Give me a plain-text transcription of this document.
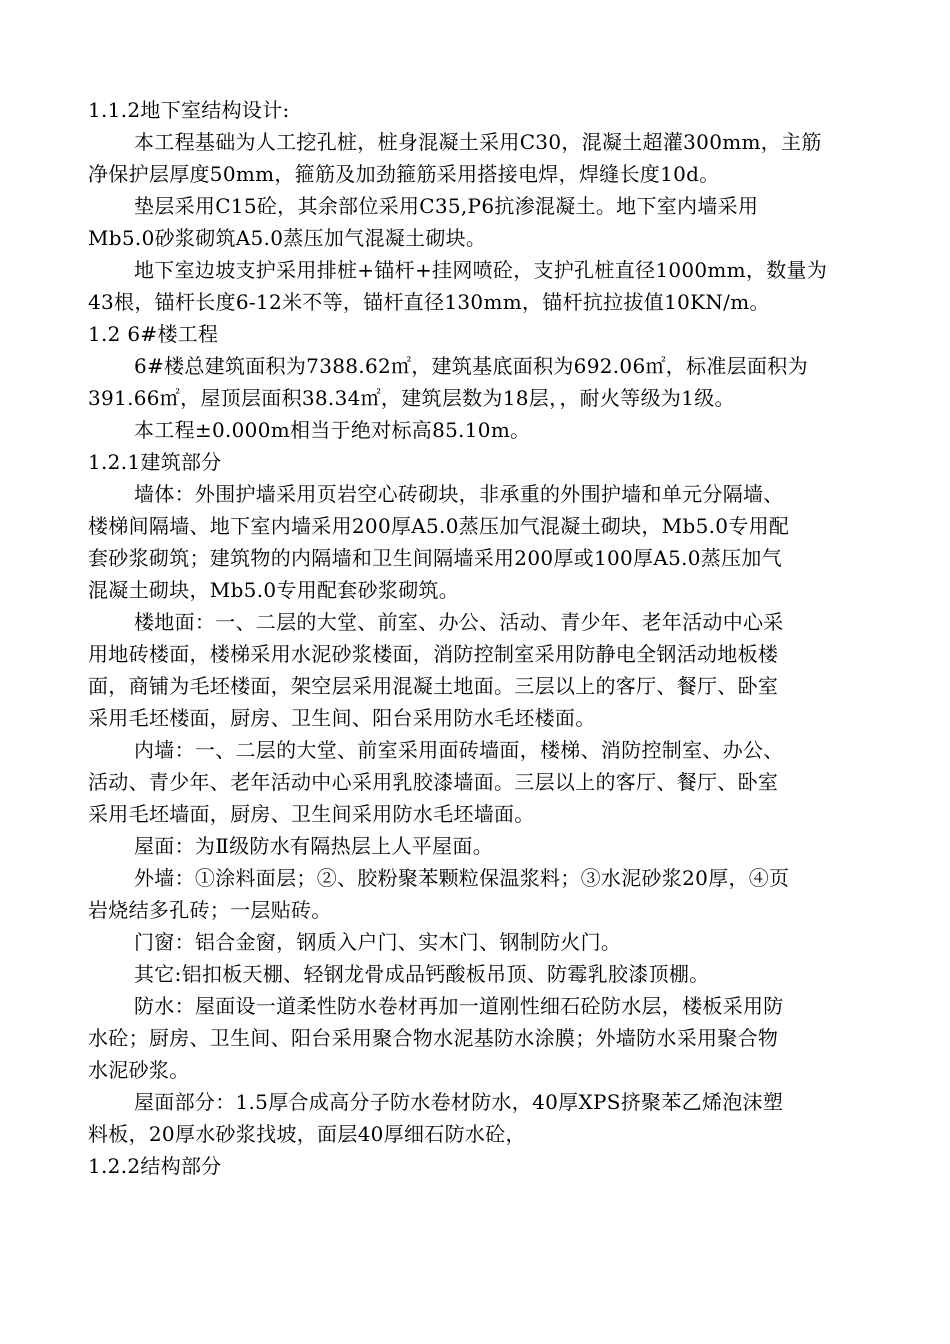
1.1.2地下室结构设计:
本工程基础为人工挖孔桩，桩身混凝土采用C30，混凝土超灌300mm，主筋
净保护层厚度50mm，箍筋及加劲箍筋采用搭接电焊，焊缝长度10d。
垫层采用C15砼，其余部位采用C35,P6抗渗混凝土。地下室内墙采用
Mb5.0砂浆砌筑A5.0蒸压加气混凝土砌块。
地下室边坡支护采用排桩+锚杆+挂网喷砼，支护孔桩直径1000mm，数量为
43根，锚杆长度6-12米不等，锚杆直径130mm，锚杆抗拉拔值10KN/m。
1.2 6#楼工程
6#楼总建筑面积为7388.62㎡，建筑基底面积为692.06㎡，标准层面积为
391.66㎡，屋顶层面积38.34㎡，建筑层数为18层，，耐火等级为1级。
本工程±0.000m相当于绝对标高85.10m。
1.2.1建筑部分
墙体：外围护墙采用页岩空心砖砌块，非承重的外围护墙和单元分隔墙、
楼梯间隔墙、地下室内墙采用200厚A5.0蒸压加气混凝土砌块，Mb5.0专用配
套砂浆砌筑；建筑物的内隔墙和卫生间隔墙采用200厚或100厚A5.0蒸压加气
混凝土砌块，Mb5.0专用配套砂浆砌筑。
楼地面：一、二层的大堂、前室、办公、活动、青少年、老年活动中心采
用地砖楼面，楼梯采用水泥砂浆楼面，消防控制室采用防静电全钢活动地板楼
面，商铺为毛坯楼面，架空层采用混凝土地面。三层以上的客厅、餐厅、卧室
采用毛坯楼面，厨房、卫生间、阳台采用防水毛坯楼面。
内墙：一、二层的大堂、前室采用面砖墙面，楼梯、消防控制室、办公、
活动、青少年、老年活动中心采用乳胶漆墙面。三层以上的客厅、餐厅、卧室
采用毛坯墙面，厨房、卫生间采用防水毛坯墙面。
屋面：为Ⅱ级防水有隔热层上人平屋面。
外墙：①涂料面层；②、胶粉聚苯颗粒保温浆料；③水泥砂浆20厚，④页
岩烧结多孔砖；一层贴砖。
门窗：铝合金窗，钢质入户门、实木门、钢制防火门。
其它:铝扣板天棚、轻钢龙骨成品钙酸板吊顶、防霉乳胶漆顶棚。
防水：屋面设一道柔性防水卷材再加一道刚性细石砼防水层，楼板采用防
水砼；厨房、卫生间、阳台采用聚合物水泥基防水涂膜；外墙防水采用聚合物
水泥砂浆。
屋面部分：1.5厚合成高分子防水卷材防水，40厚XPS挤聚苯乙烯泡沫塑
料板，20厚水砂浆找坡，面层40厚细石防水砼，
1.2.2结构部分
